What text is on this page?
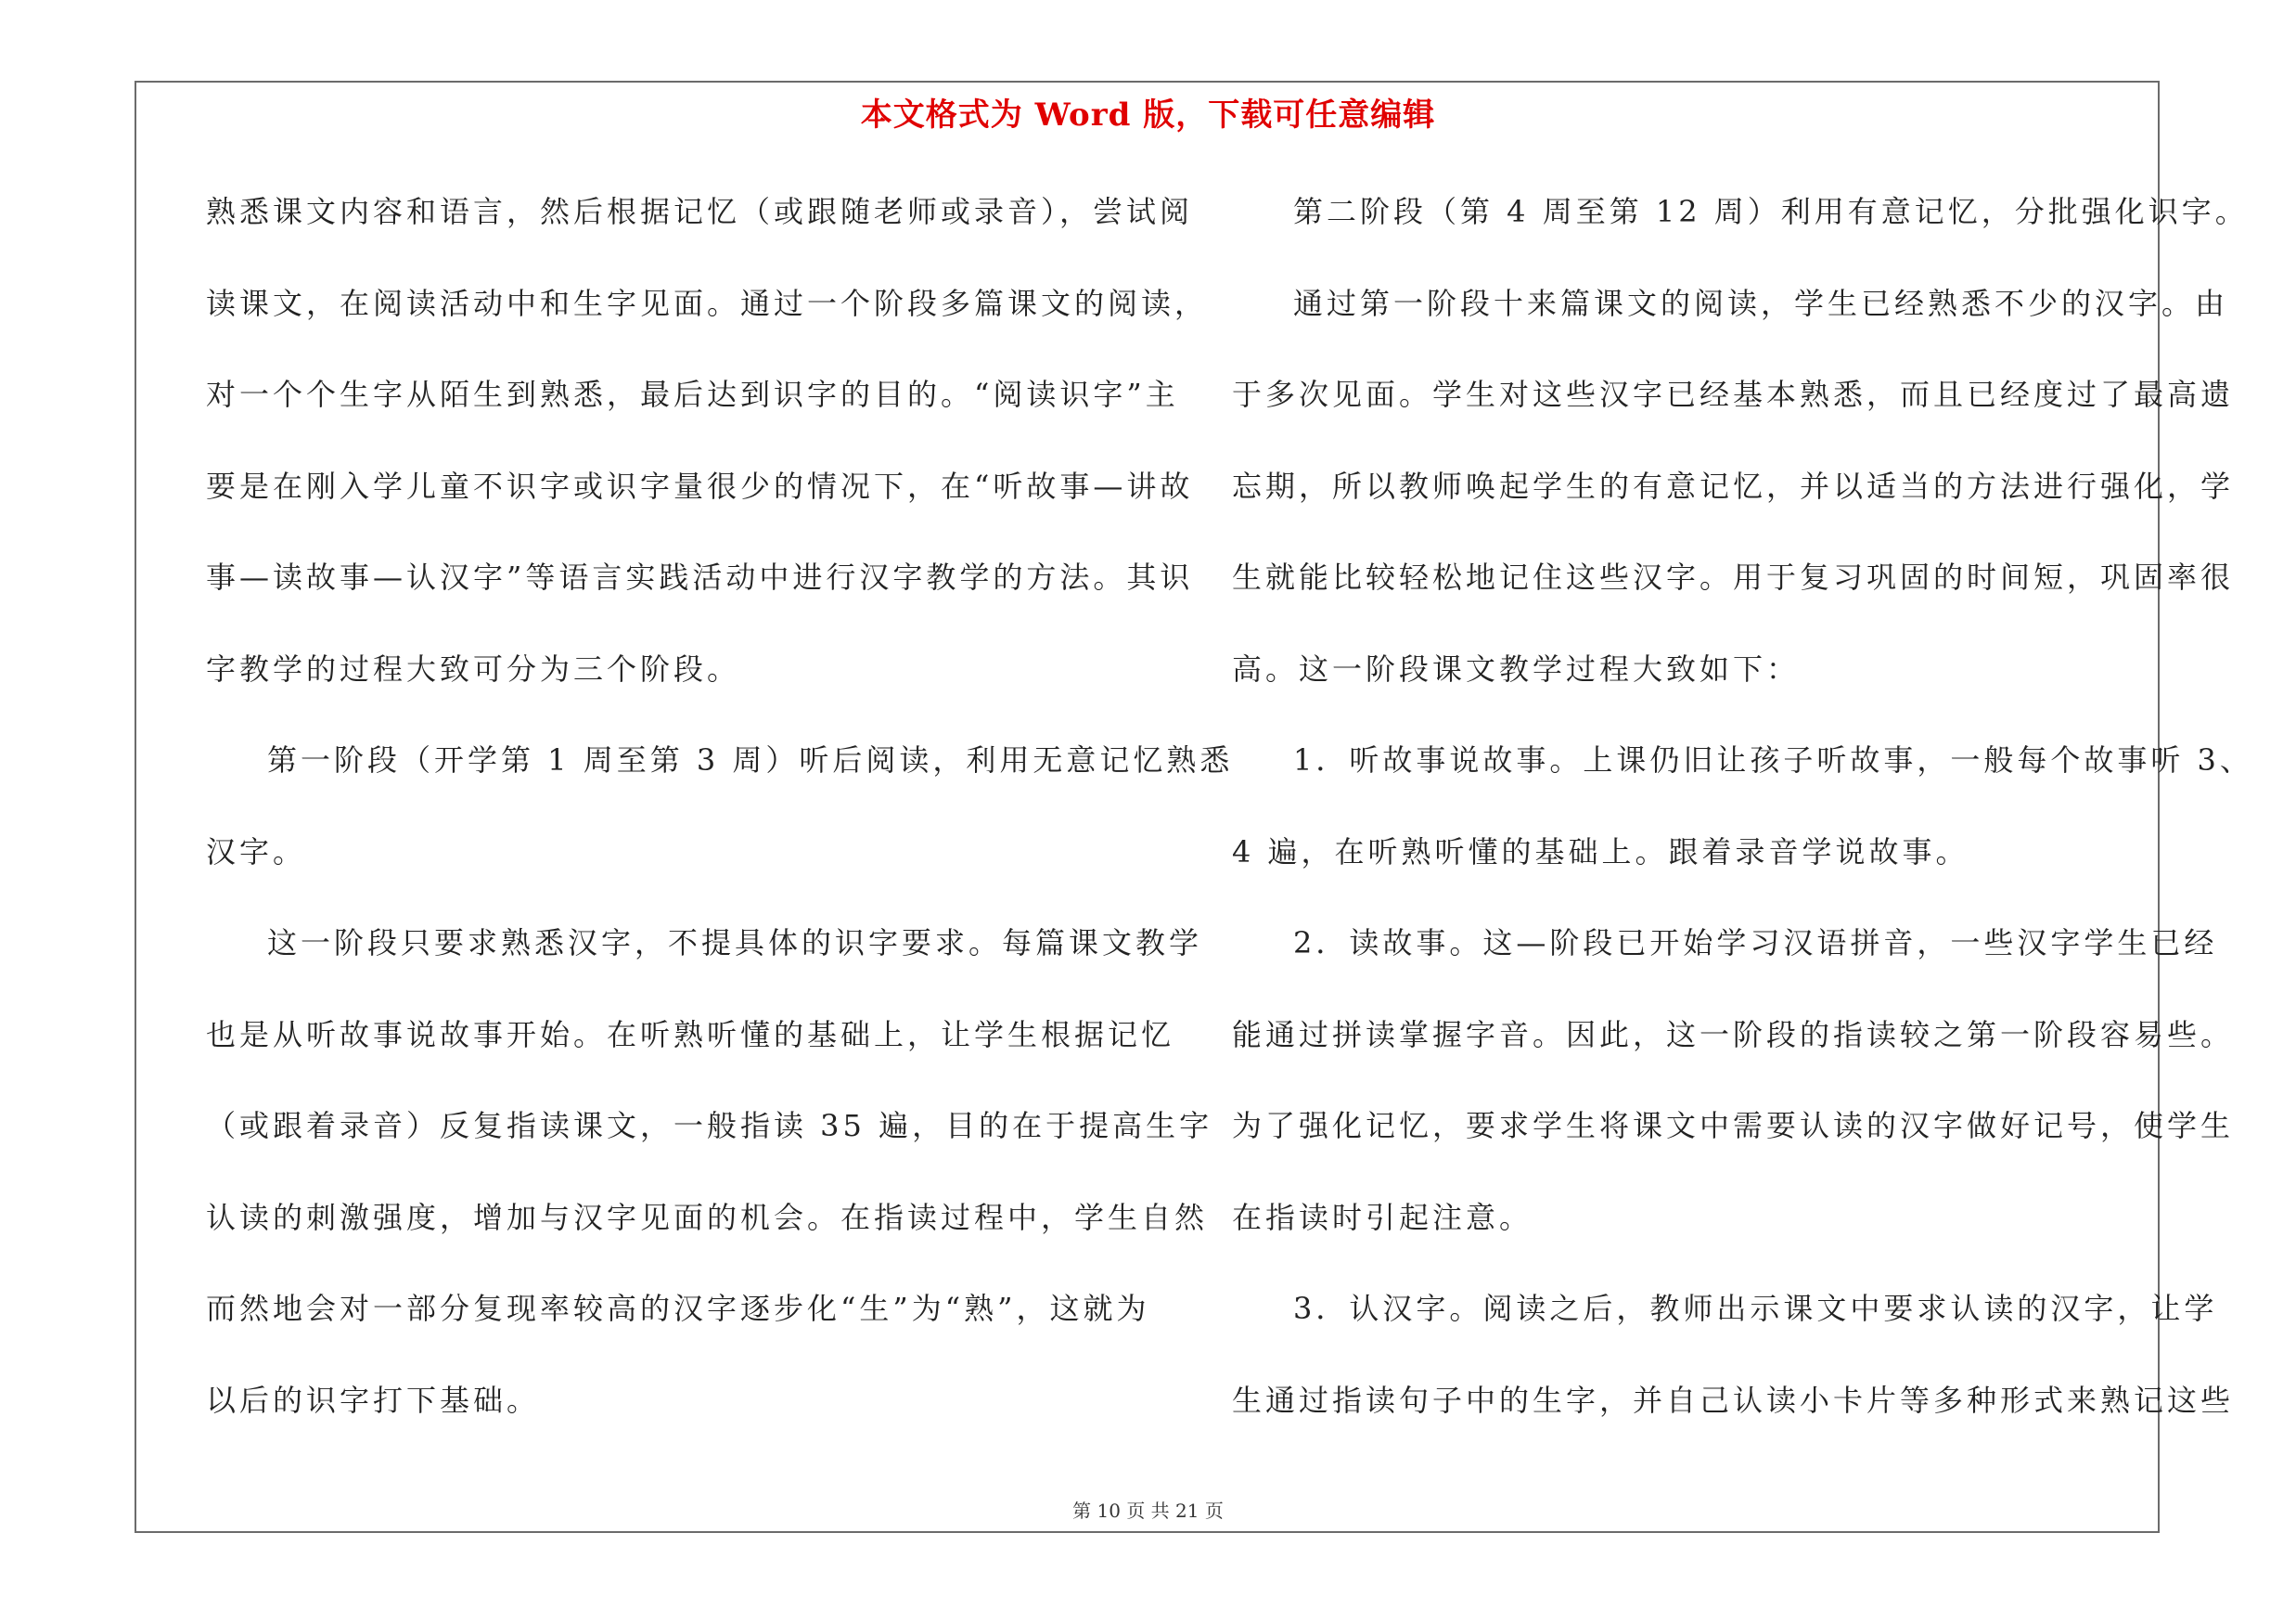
本文格式为 Word 版，下载可任意编辑
熟悉课文内容和语言，然后根据记忆（或跟随老师或录音），尝试阅
读课文，在阅读活动中和生字见面。通过一个阶段多篇课文的阅读，
对一个个生字从陌生到熟悉，最后达到识字的目的。“阅读识字”主
要是在刚入学儿童不识字或识字量很少的情况下，在“听故事—讲故
事—读故事—认汉字”等语言实践活动中进行汉字教学的方法。其识
字教学的过程大致可分为三个阶段。
第一阶段（开学第 1 周至第 3 周）听后阅读，利用无意记忆熟悉
汉字。
这一阶段只要求熟悉汉字，不提具体的识字要求。每篇课文教学
也是从听故事说故事开始。在听熟听懂的基础上，让学生根据记忆
（或跟着录音）反复指读课文，一般指读 35 遍，目的在于提高生字
认读的刺激强度，增加与汉字见面的机会。在指读过程中，学生自然
而然地会对一部分复现率较高的汉字逐步化“生”为“熟”，这就为
以后的识字打下基础。
第二阶段（第 4 周至第 12 周）利用有意记忆，分批强化识字。
通过第一阶段十来篇课文的阅读，学生已经熟悉不少的汉字。由
于多次见面。学生对这些汉字已经基本熟悉，而且已经度过了最高遗
忘期，所以教师唤起学生的有意记忆，并以适当的方法进行强化，学
生就能比较轻松地记住这些汉字。用于复习巩固的时间短，巩固率很
高。这一阶段课文教学过程大致如下：
1．听故事说故事。上课仍旧让孩子听故事，一般每个故事听 3、
4 遍，在听熟听懂的基础上。跟着录音学说故事。
2．读故事。这—阶段已开始学习汉语拼音，一些汉字学生已经
能通过拼读掌握字音。因此，这一阶段的指读较之第一阶段容易些。
为了强化记忆，要求学生将课文中需要认读的汉字做好记号，使学生
在指读时引起注意。
3．认汉字。阅读之后，教师出示课文中要求认读的汉字，让学
生通过指读句子中的生字，并自己认读小卡片等多种形式来熟记这些
第 10 页 共 21 页
